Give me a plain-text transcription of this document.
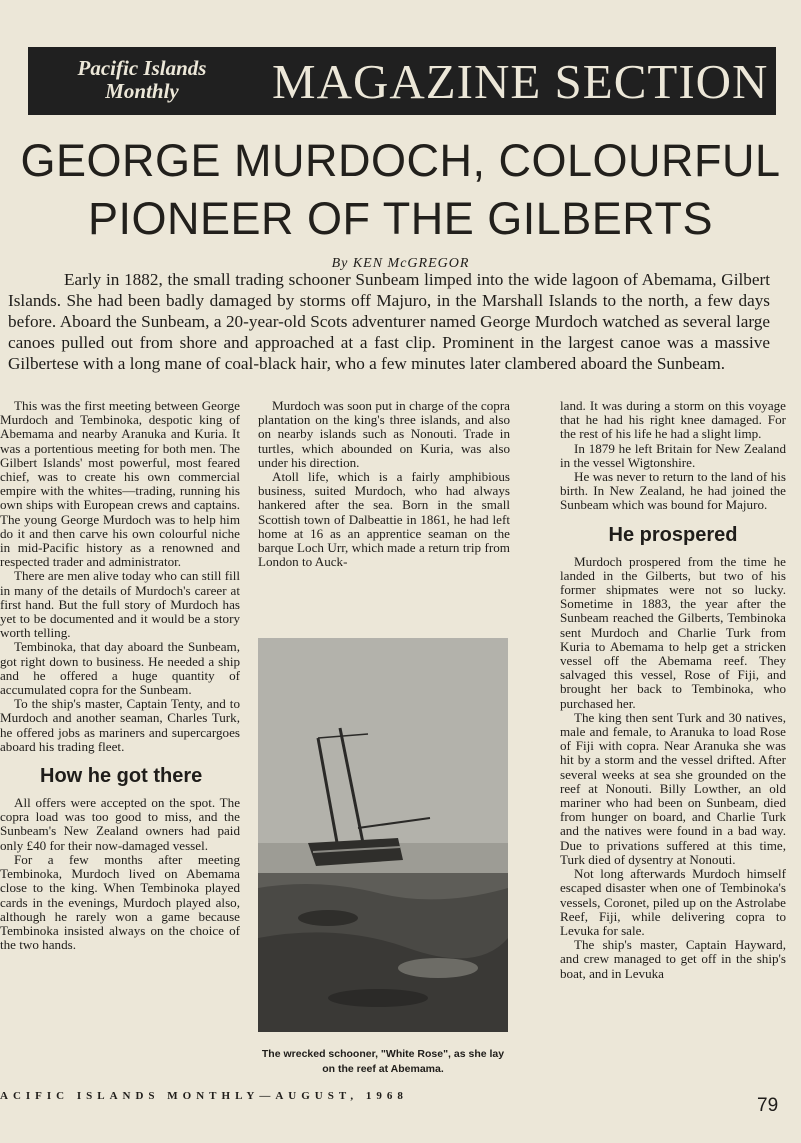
Pacific Islands
Monthly	MAGAZINE SECTION
GEORGE MURDOCH, COLOURFUL
PIONEER OF THE GILBERTS
By KEN McGREGOR

Early in 1882, the small trading schooner Sunbeam limped into the wide lagoon of Abemama, Gilbert Islands. She had been badly damaged by storms off Majuro, in the Marshall Islands to the north, a few days before. Aboard the Sunbeam, a 20-year-old Scots adventurer named George Murdoch watched as several large canoes pulled out from shore and approached at a fast clip. Prominent in the largest canoe was a massive Gilbertese with a long mane of coal-black hair, who a few minutes later clambered aboard the Sunbeam.

This was the first meeting between George Murdoch and Tembinoka, despotic king of Abemama and nearby Aranuka and Kuria. It was a portentious meeting for both men. The Gilbert Islands' most powerful, most feared chief, was to create his own commercial empire with the whites—trading, running his own ships with European crews and captains. The young George Murdoch was to help him do it and then carve his own colourful niche in mid-Pacific history as a renowned and respected trader and administrator.

There are men alive today who can still fill in many of the details of Murdoch's career at first hand. But the full story of Murdoch has yet to be documented and it would be a story worth telling.

Tembinoka, that day aboard the Sunbeam, got right down to business. He needed a ship and he offered a huge quantity of accumulated copra for the Sunbeam.

To the ship's master, Captain Tenty, and to Murdoch and another seaman, Charles Turk, he offered jobs as mariners and supercargoes aboard his trading fleet.

How he got there

All offers were accepted on the spot. The copra load was too good to miss, and the Sunbeam's New Zealand owners had paid only £40 for their now-damaged vessel.

For a few months after meeting Tembinoka, Murdoch lived on Abemama close to the king. When Tembinoka played cards in the evenings, Murdoch played also, although he rarely won a game because Tembinoka insisted always on the choice of the two hands.

Murdoch was soon put in charge of the copra plantation on the king's three islands, and also on nearby islands such as Nonouti. Trade in turtles, which abounded on Kuria, was also under his direction.

Atoll life, which is a fairly amphibious business, suited Murdoch, who had always hankered after the sea. Born in the small Scottish town of Dalbeattie in 1861, he had left home at 16 as an apprentice seaman on the barque Loch Urr, which made a return trip from London to Auck-

The wrecked schooner, "White Rose", as she lay on the reef at Abemama.

land. It was during a storm on this voyage that he had his right knee damaged. For the rest of his life he had a slight limp.

In 1879 he left Britain for New Zealand in the vessel Wigtonshire.

He was never to return to the land of his birth. In New Zealand, he had joined the Sunbeam which was bound for Majuro.

He prospered

Murdoch prospered from the time he landed in the Gilberts, but two of his former shipmates were not so lucky. Sometime in 1883, the year after the Sunbeam reached the Gilberts, Tembinoka sent Murdoch and Charlie Turk from Kuria to Abemama to help get a stricken vessel off the Abemama reef. They salvaged this vessel, Rose of Fiji, and brought her back to Tembinoka, who purchased her.

The king then sent Turk and 30 natives, male and female, to Aranuka to load Rose of Fiji with copra. Near Aranuka she was hit by a storm and the vessel drifted. After several weeks at sea she grounded on the reef at Nonouti. Billy Lowther, an old mariner who had been on Sunbeam, died from hunger on board, and Charlie Turk and the natives were found in a bad way. Due to privations suffered at this time, Turk died of dysentry at Nonouti.

Not long afterwards Murdoch himself escaped disaster when one of Tembinoka's vessels, Coronet, piled up on the Astrolabe Reef, Fiji, while delivering copra to Levuka for sale.

The ship's master, Captain Hayward, and crew managed to get off in the ship's boat, and in Levuka

ACIFIC ISLANDS MONTHLY—AUGUST, 1968	79
